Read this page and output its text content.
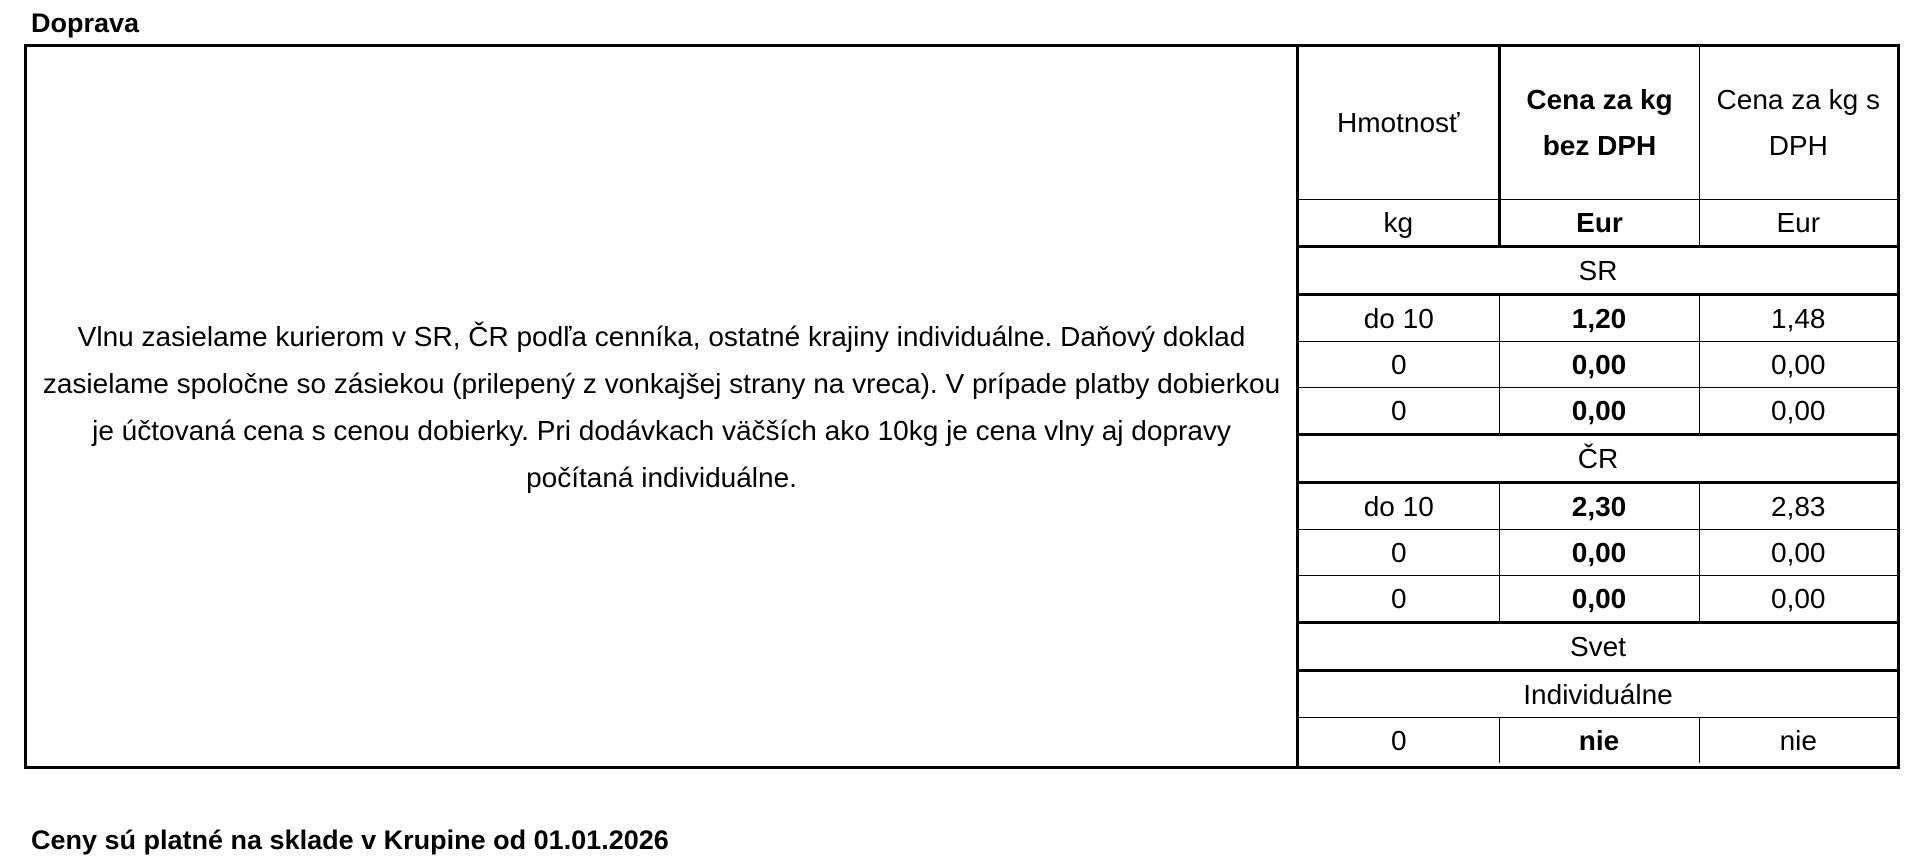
Doprava

Vlnu zasielame kurierom v SR, ČR podľa cenníka, ostatné krajiny individuálne. Daňový doklad zasielame spoločne so zásiekou (prilepený z vonkajšej strany na vreca). V prípade platby dobierkou je účtovaná cena s cenou dobierky. Pri dodávkach väčších ako 10kg je cena vlny aj dopravy počítaná individuálne.

Hmotnosť	Cena za kg bez DPH	Cena za kg s DPH
kg	Eur	Eur
SR		
do 10	1,20	1,48
0	0,00	0,00
0	0,00	0,00
ČR		
do 10	2,30	2,83
0	0,00	0,00
0	0,00	0,00
Svet		
Individuálne		
0	nie	nie

Ceny sú platné na sklade v Krupine od 01.01.2026
